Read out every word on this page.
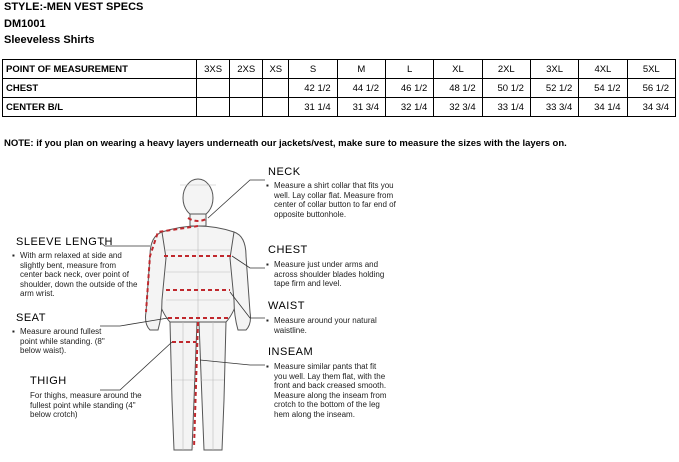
STYLE:-MEN VEST SPECS
DM1001
Sleeveless Shirts
POINT OF MEASUREMENT	3XS	2XS	XS	S	M	L	XL	2XL	3XL	4XL	5XL
CHEST				42 1/2	44 1/2	46 1/2	48 1/2	50 1/2	52 1/2	54 1/2	56 1/2
CENTER B/L				31 1/4	31 3/4	32 1/4	32 3/4	33 1/4	33 3/4	34 1/4	34 3/4
NOTE: if you plan on wearing a heavy layers underneath our jackets/vest, make sure to measure the sizes with the layers on.
NECK
▪ Measure a shirt collar that fits you well. Lay collar flat. Measure from center of collar button to far end of opposite buttonhole.
CHEST
▪ Measure just under arms and across shoulder blades holding tape firm and level.
WAIST
▪ Measure around your natural waistline.
INSEAM
▪ Measure similar pants that fit you well. Lay them flat, with the front and back creased smooth. Measure along the inseam from crotch to the bottom of the leg hem along the inseam.
SLEEVE LENGTH
▪ With arm relaxed at side and slightly bent, measure from center back neck, over point of shoulder, down the outside of the arm wrist.
SEAT
▪ Measure around fullest point while standing. (8" below waist).
THIGH
For thighs, measure around the fullest point while standing (4" below crotch)
